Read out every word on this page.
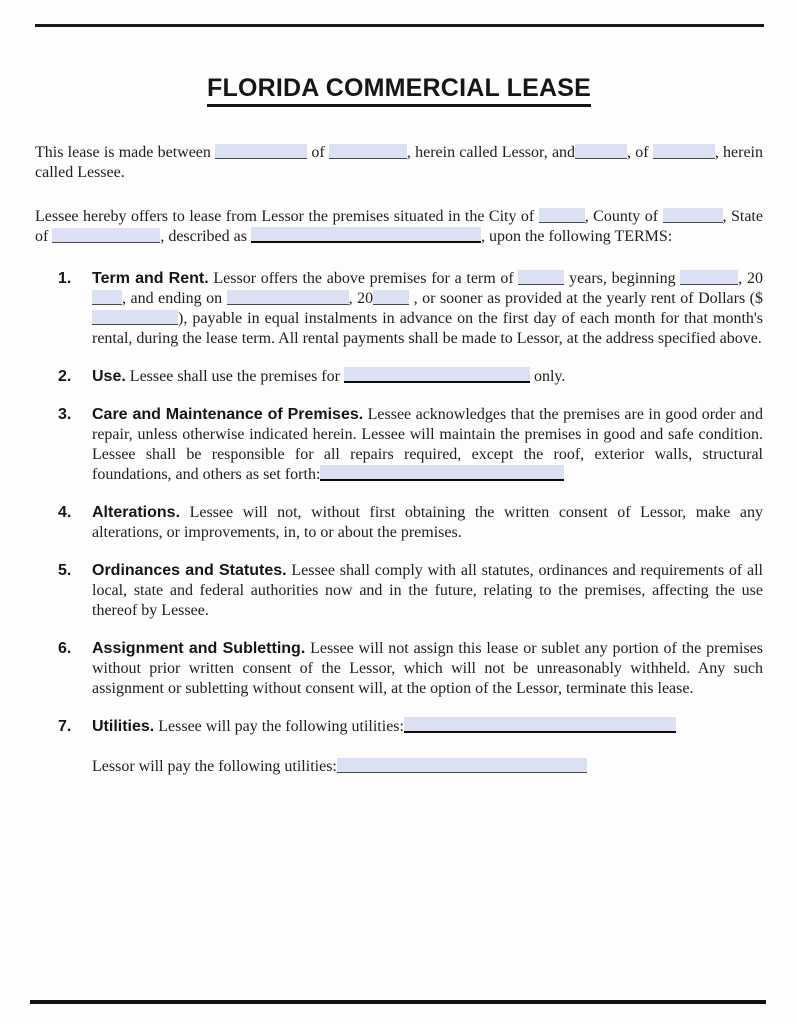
FLORIDA COMMERCIAL LEASE

This lease is made between	of	, herein called Lessor, and	, of	, herein called Lessee.

Lessee hereby offers to lease from Lessor the premises situated in the City of	, County of	, State of	, described as	, upon the following TERMS:

1.	Term and Rent. Lessor offers the above premises for a term of	years, beginning	, 20, and ending on	, 20 , or sooner as provided at the yearly rent of Dollars ($), payable in equal instalments in advance on the first day of each month for that month's rental, during the lease term. All rental payments shall be made to Lessor, at the address specified above.
2.	Use. Lessee shall use the premises for	only.
3.	Care and Maintenance of Premises. Lessee acknowledges that the premises are in good order and repair, unless otherwise indicated herein. Lessee will maintain the premises in good and safe condition. Lessee shall be responsible for all repairs required, except the roof, exterior walls, structural foundations, and others as set forth:
4.	Alterations. Lessee will not, without first obtaining the written consent of Lessor, make any alterations, or improvements, in, to or about the premises.
5.	Ordinances and Statutes. Lessee shall comply with all statutes, ordinances and requirements of all local, state and federal authorities now and in the future, relating to the premises, affecting the use thereof by Lessee.
6.	Assignment and Subletting. Lessee will not assign this lease or sublet any portion of the premises without prior written consent of the Lessor, which will not be unreasonably withheld. Any such assignment or subletting without consent will, at the option of the Lessor, terminate this lease.
7.	Utilities. Lessee will pay the following utilities:

Lessor will pay the following utilities:
